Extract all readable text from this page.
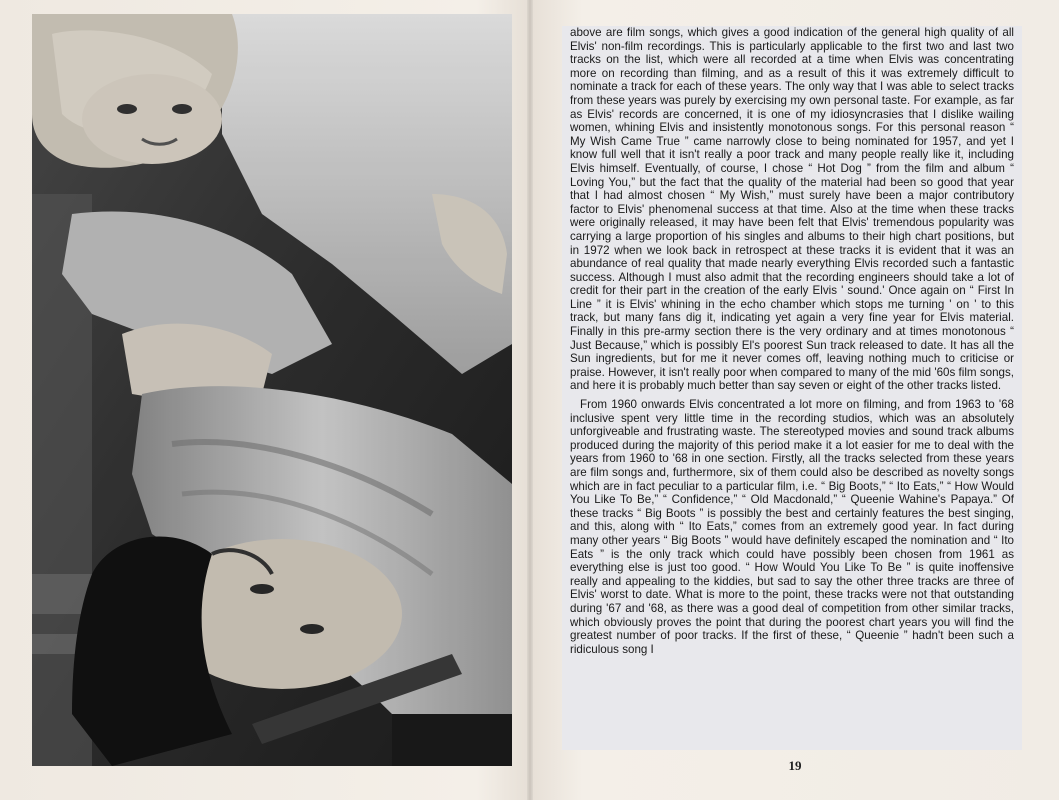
above are film songs, which gives a good indication of the general high quality of all Elvis' non-film recordings. This is particularly applicable to the first two and last two tracks on the list, which were all recorded at a time when Elvis was concentrating more on recording than filming, and as a result of this it was extremely difficult to nominate a track for each of these years. The only way that I was able to select tracks from these years was purely by exercising my own personal taste. For example, as far as Elvis' records are concerned, it is one of my idiosyncrasies that I dislike wailing women, whining Elvis and insistently monotonous songs. For this personal reason “ My Wish Came True ” came narrowly close to being nominated for 1957, and yet I know full well that it isn't really a poor track and many people really like it, including Elvis himself. Eventually, of course, I chose “ Hot Dog ” from the film and album “ Loving You,” but the fact that the quality of the material had been so good that year that I had almost chosen “ My Wish,” must surely have been a major contributory factor to Elvis' phenomenal success at that time. Also at the time when these tracks were originally released, it may have been felt that Elvis' tremendous popularity was carrying a large proportion of his singles and albums to their high chart positions, but in 1972 when we look back in retrospect at these tracks it is evident that it was an abundance of real quality that made nearly everything Elvis recorded such a fantastic success. Although I must also admit that the recording engineers should take a lot of credit for their part in the creation of the early Elvis ' sound.' Once again on “ First In Line ” it is Elvis' whining in the echo chamber which stops me turning ' on ' to this track, but many fans dig it, indicating yet again a very fine year for Elvis material. Finally in this pre-army section there is the very ordinary and at times monotonous “ Just Because,” which is possibly El's poorest Sun track released to date. It has all the Sun ingredients, but for me it never comes off, leaving nothing much to criticise or praise. However, it isn't really poor when compared to many of the mid '60s film songs, and here it is probably much better than say seven or eight of the other tracks listed.

From 1960 onwards Elvis concentrated a lot more on filming, and from 1963 to '68 inclusive spent very little time in the recording studios, which was an absolutely unforgiveable and frustrating waste. The stereotyped movies and sound track albums produced during the majority of this period make it a lot easier for me to deal with the years from 1960 to '68 in one section. Firstly, all the tracks selected from these years are film songs and, furthermore, six of them could also be described as novelty songs which are in fact peculiar to a particular film, i.e. “ Big Boots,” “ Ito Eats,” “ How Would You Like To Be,” “ Confidence,” “ Old Macdonald,” “ Queenie Wahine's Papaya.” Of these tracks “ Big Boots ” is possibly the best and certainly features the best singing, and this, along with “ Ito Eats,” comes from an extremely good year. In fact during many other years “ Big Boots ” would have definitely escaped the nomination and “ Ito Eats ” is the only track which could have possibly been chosen from 1961 as everything else is just too good. “ How Would You Like To Be ” is quite inoffensive really and appealing to the kiddies, but sad to say the other three tracks are three of Elvis' worst to date. What is more to the point, these tracks were not that outstanding during '67 and '68, as there was a good deal of competition from other similar tracks, which obviously proves the point that during the poorest chart years you will find the greatest number of poor tracks. If the first of these, “ Queenie ” hadn't been such a ridiculous song I

19
